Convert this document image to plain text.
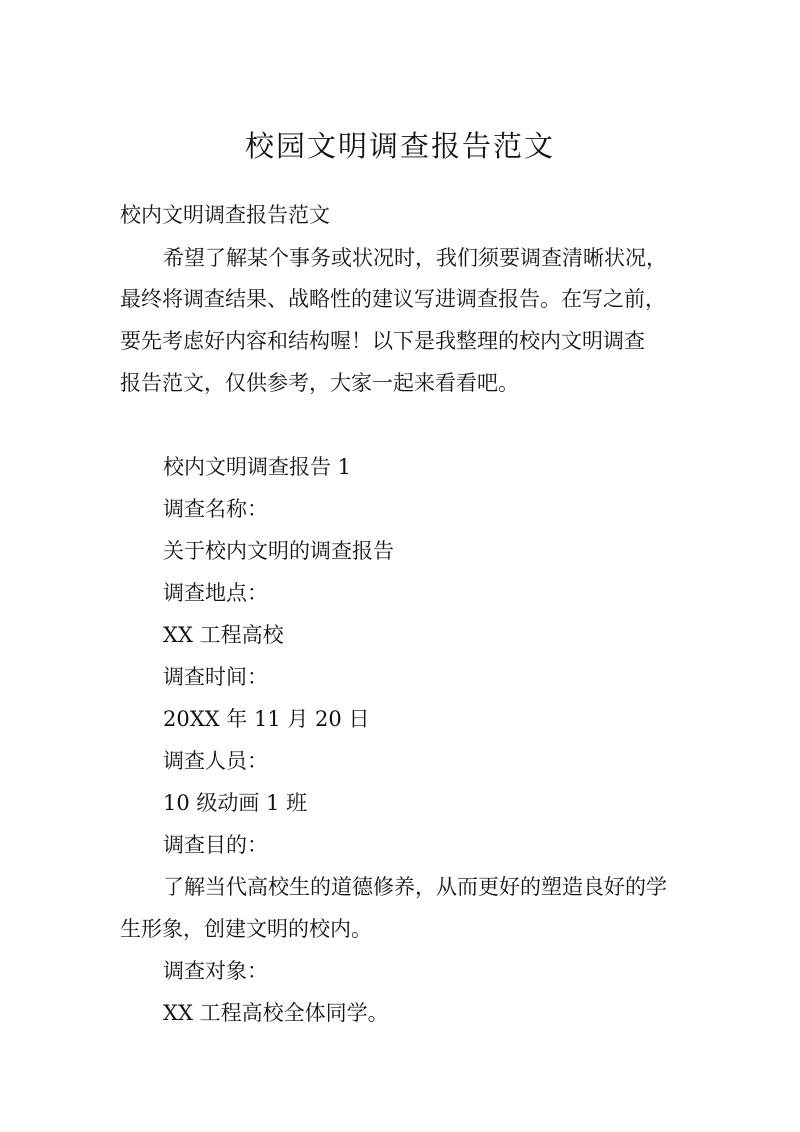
校园文明调查报告范文
校内文明调查报告范文
希望了解某个事务或状况时，我们须要调查清晰状况，
最终将调查结果、战略性的建议写进调查报告。在写之前，
要先考虑好内容和结构喔！以下是我整理的校内文明调查
报告范文，仅供参考，大家一起来看看吧。
校内文明调查报告 1
调查名称：
关于校内文明的调查报告
调查地点：
XX 工程高校
调查时间：
20XX 年 11 月 20 日
调查人员：
10 级动画 1 班
调查目的：
了解当代高校生的道德修养，从而更好的塑造良好的学
生形象，创建文明的校内。
调查对象：
XX 工程高校全体同学。
